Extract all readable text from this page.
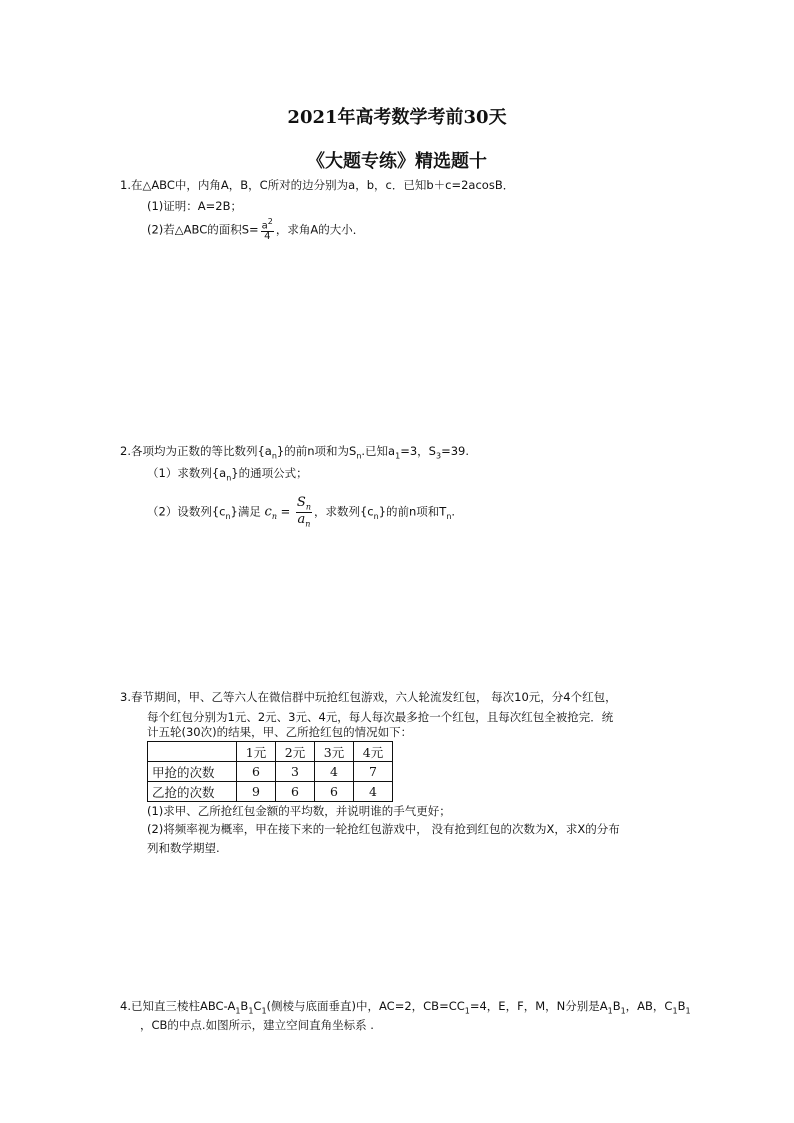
2021年高考数学考前30天
《大题专练》精选题十

1.在△ABC中，内角A，B，C所对的边分别为a，b，c．已知b＋c=2acosB．

(1)证明：A=2B；

(2)若△ABC的面积$S= \frac{a^2}{4}$ ，求角A的大小．

2.各项均为正数的等比数列$\{a_n\}$的前n项和为$S_n$.已知$a_1=3$，$S_3=39$.

（1）求数列$\{a_n\}$的通项公式；

（2）设数列$\{c_n\}$满足 $c_n = \frac{S_n}{a_n}$ ，求数列$\{c_n\}$的前n项和$T_n$.

3.春节期间，甲、乙等六人在微信群中玩抢红包游戏，六人轮流发红包， 每次10元，分4个红包，

每个红包分别为1元、2元、3元、4元，每人每次最多抢一个红包，且每次红包全被抢完．统

计五轮(30次)的结果，甲、乙所抢红包的情况如下：

	1元	2元	3元	4元
甲抢的次数	6	3	4	7
乙抢的次数	9	6	6	4

(1)求甲、乙所抢红包金额的平均数，并说明谁的手气更好；

(2)将频率视为概率，甲在接下来的一轮抢红包游戏中， 没有抢到红包的次数为X，求X的分布

列和数学期望.

4.已知直三棱柱ABC-$A_1B_1C_1$(侧棱与底面垂直)中，AC=2，$CB=CC_1=4$，E，F，M，N分别是$A_1B_1$，AB，$C_1B_1$

，CB的中点.如图所示，建立空间直角坐标系 .
